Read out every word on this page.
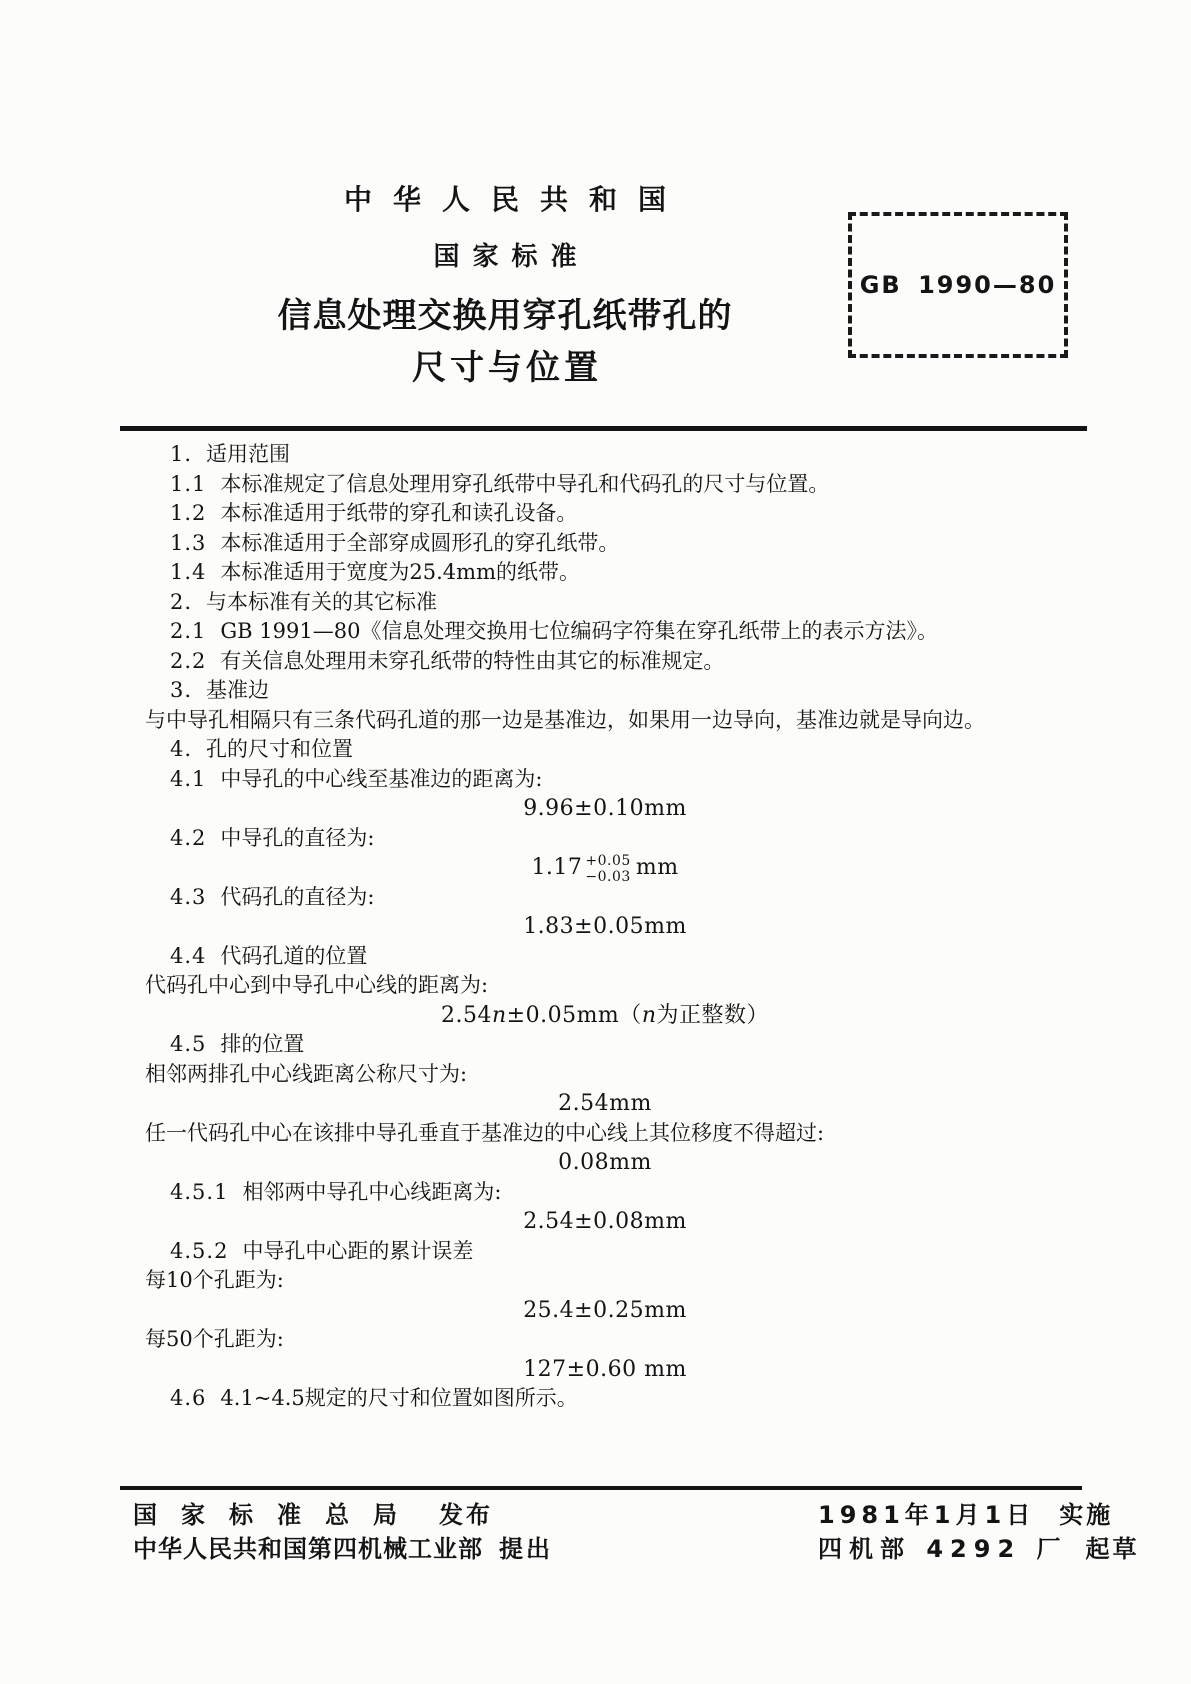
中华人民共和国
国家标准
信息处理交换用穿孔纸带孔的
尺寸与位置
GB 1990—80
1. 适用范围
1.1 本标准规定了信息处理用穿孔纸带中导孔和代码孔的尺寸与位置。
1.2 本标准适用于纸带的穿孔和读孔设备。
1.3 本标准适用于全部穿成圆形孔的穿孔纸带。
1.4 本标准适用于宽度为25.4mm的纸带。
2. 与本标准有关的其它标准
2.1 GB 1991—80《信息处理交换用七位编码字符集在穿孔纸带上的表示方法》。
2.2 有关信息处理用未穿孔纸带的特性由其它的标准规定。
3. 基准边
与中导孔相隔只有三条代码孔道的那一边是基准边，如果用一边导向，基准边就是导向边。
4. 孔的尺寸和位置
4.1 中导孔的中心线至基准边的距离为:
9.96±0.10mm
4.2 中导孔的直径为:
1.17 +0.05
−0.03 mm
4.3 代码孔的直径为:
1.83±0.05mm
4.4 代码孔道的位置
代码孔中心到中导孔中心线的距离为:
2.54n±0.05mm（n为正整数）
4.5 排的位置
相邻两排孔中心线距离公称尺寸为:
2.54mm
任一代码孔中心在该排中导孔垂直于基准边的中心线上其位移度不得超过:
0.08mm
4.5.1 相邻两中导孔中心线距离为:
2.54±0.08mm
4.5.2 中导孔中心距的累计误差
每10个孔距为:
25.4±0.25mm
每50个孔距为:
127±0.60 mm
4.6 4.1~4.5规定的尺寸和位置如图所示。
国家标准总局 发布
中华人民共和国第四机械工业部 提出
1981年1月1日 实施
四机部 4292 厂 起草
